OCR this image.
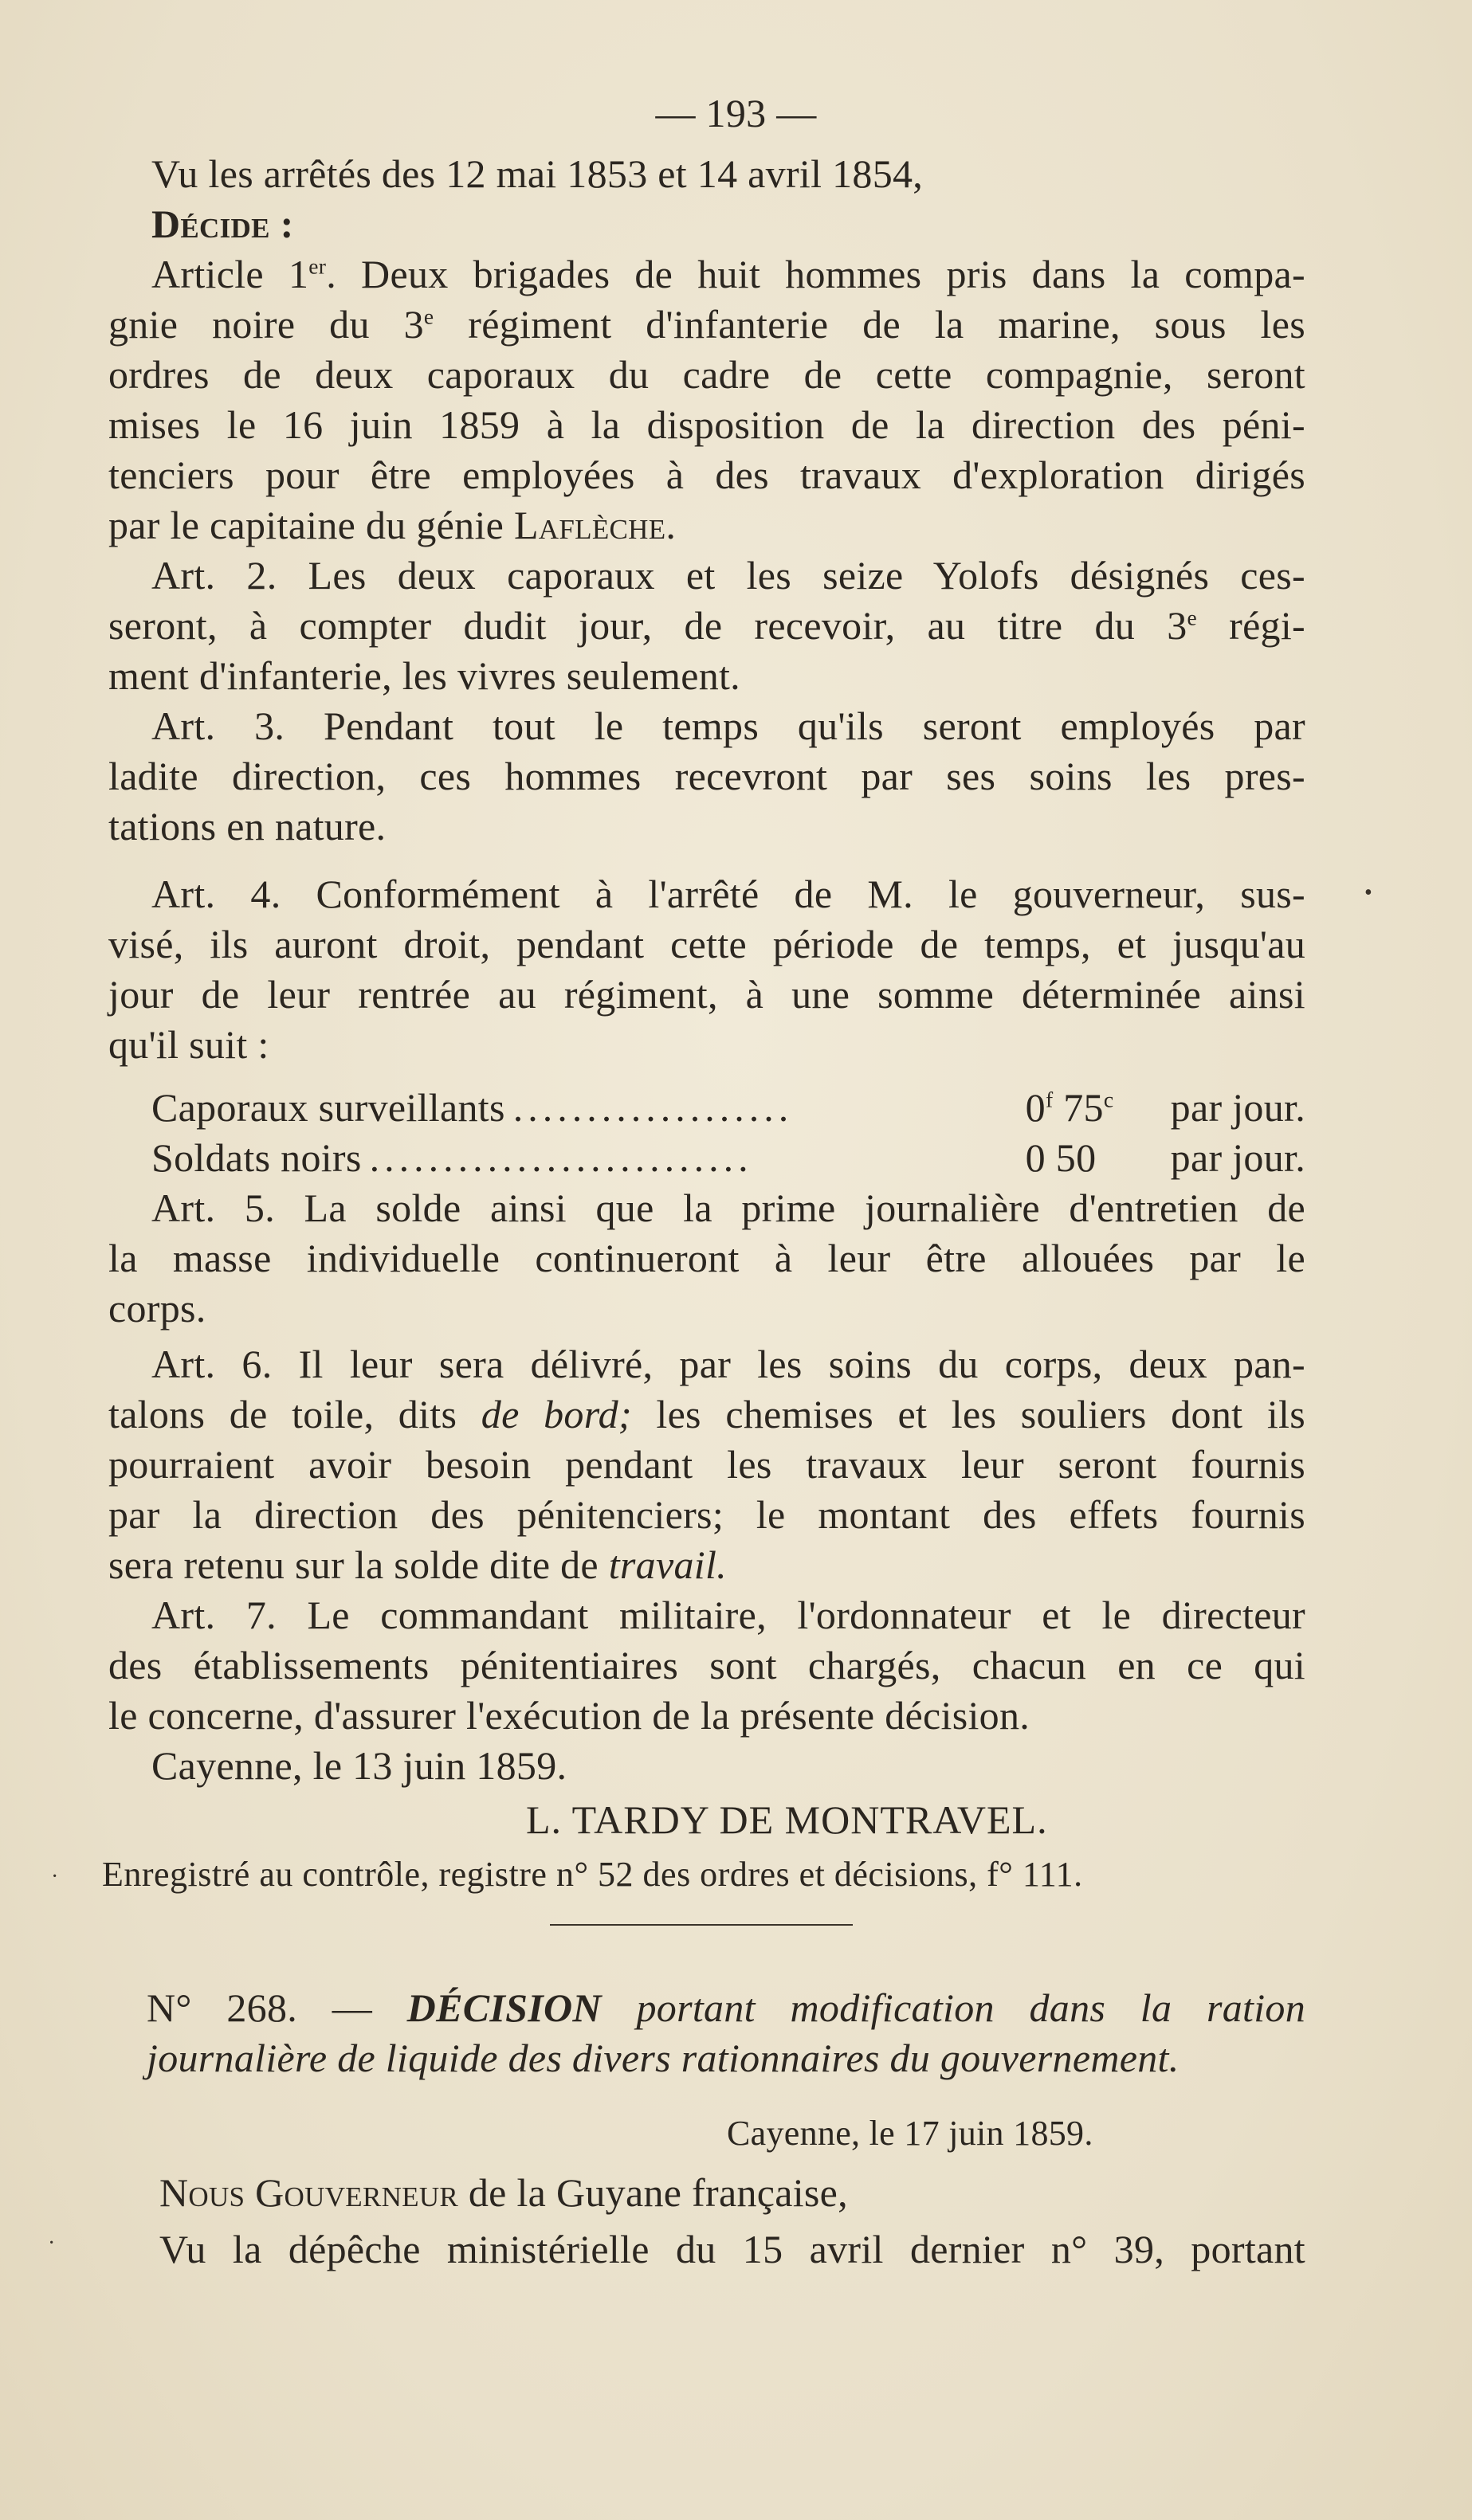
— 193 —
Vu les arrêtés des 12 mai 1853 et 14 avril 1854,
Décide :
Article 1er. Deux brigades de huit hommes pris dans la compa-
gnie noire du 3e régiment d'infanterie de la marine, sous les
ordres de deux caporaux du cadre de cette compagnie, seront
mises le 16 juin 1859 à la disposition de la direction des péni-
tenciers pour être employées à des travaux d'exploration dirigés
par le capitaine du génie Laflèche.
Art. 2. Les deux caporaux et les seize Yolofs désignés ces-
seront, à compter dudit jour, de recevoir, au titre du 3e régi-
ment d'infanterie, les vivres seulement.
Art. 3. Pendant tout le temps qu'ils seront employés par
ladite direction, ces hommes recevront par ses soins les pres-
tations en nature.
Art. 4. Conformément à l'arrêté de M. le gouverneur, sus-
visé, ils auront droit, pendant cette période de temps, et jusqu'au
jour de leur rentrée au régiment, à une somme déterminée ainsi
qu'il suit :
Caporaux surveillants ...................	0$^f$ 75$^c$	par jour.
Soldats noirs ..........................	0 50	par jour.
Art. 5. La solde ainsi que la prime journalière d'entretien de
la masse individuelle continueront à leur être allouées par le
corps.
Art. 6. Il leur sera délivré, par les soins du corps, deux pan-
talons de toile, dits de bord; les chemises et les souliers dont ils
pourraient avoir besoin pendant les travaux leur seront fournis
par la direction des pénitenciers; le montant des effets fournis
sera retenu sur la solde dite de travail.
Art. 7. Le commandant militaire, l'ordonnateur et le directeur
des établissements pénitentiaires sont chargés, chacun en ce qui
le concerne, d'assurer l'exécution de la présente décision.
Cayenne, le 13 juin 1859.
L. TARDY DE MONTRAVEL.
Enregistré au contrôle, registre n° 52 des ordres et décisions, f° 111.
N° 268. — DÉCISION portant modification dans la ration
journalière de liquide des divers rationnaires du gouvernement.
Cayenne, le 17 juin 1859.
Nous Gouverneur de la Guyane française,
Vu la dépêche ministérielle du 15 avril dernier n° 39, portant
•
·
·
